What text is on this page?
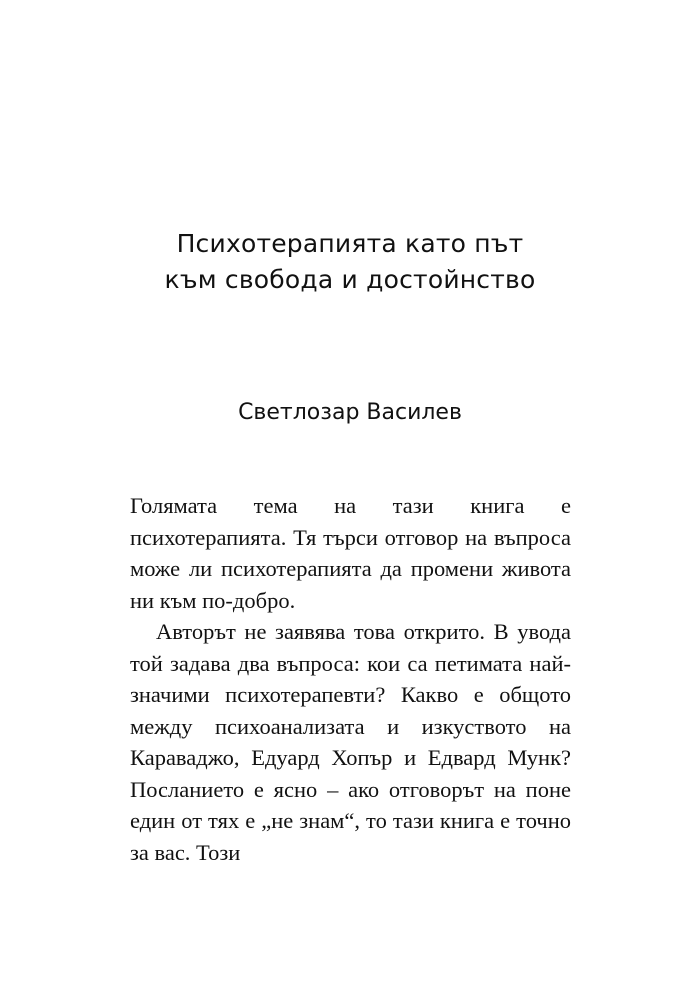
Психотерапията като път
към свобода и достойнство
Светлозар Василев

Голямата тема на тази книга е психотерапията. Тя търси отговор на въпроса може ли психотерапията да промени живота ни към по-добро.

Авторът не заявява това открито. В увода той задава два въпроса: кои са петимата най-значими психотерапевти? Какво е общото между психоанализата и изкуството на Караваджо, Едуард Хопър и Едвард Мунк? Посланието е ясно – ако отговорът на поне един от тях е „не знам“, то тази книга е точно за вас. Този
